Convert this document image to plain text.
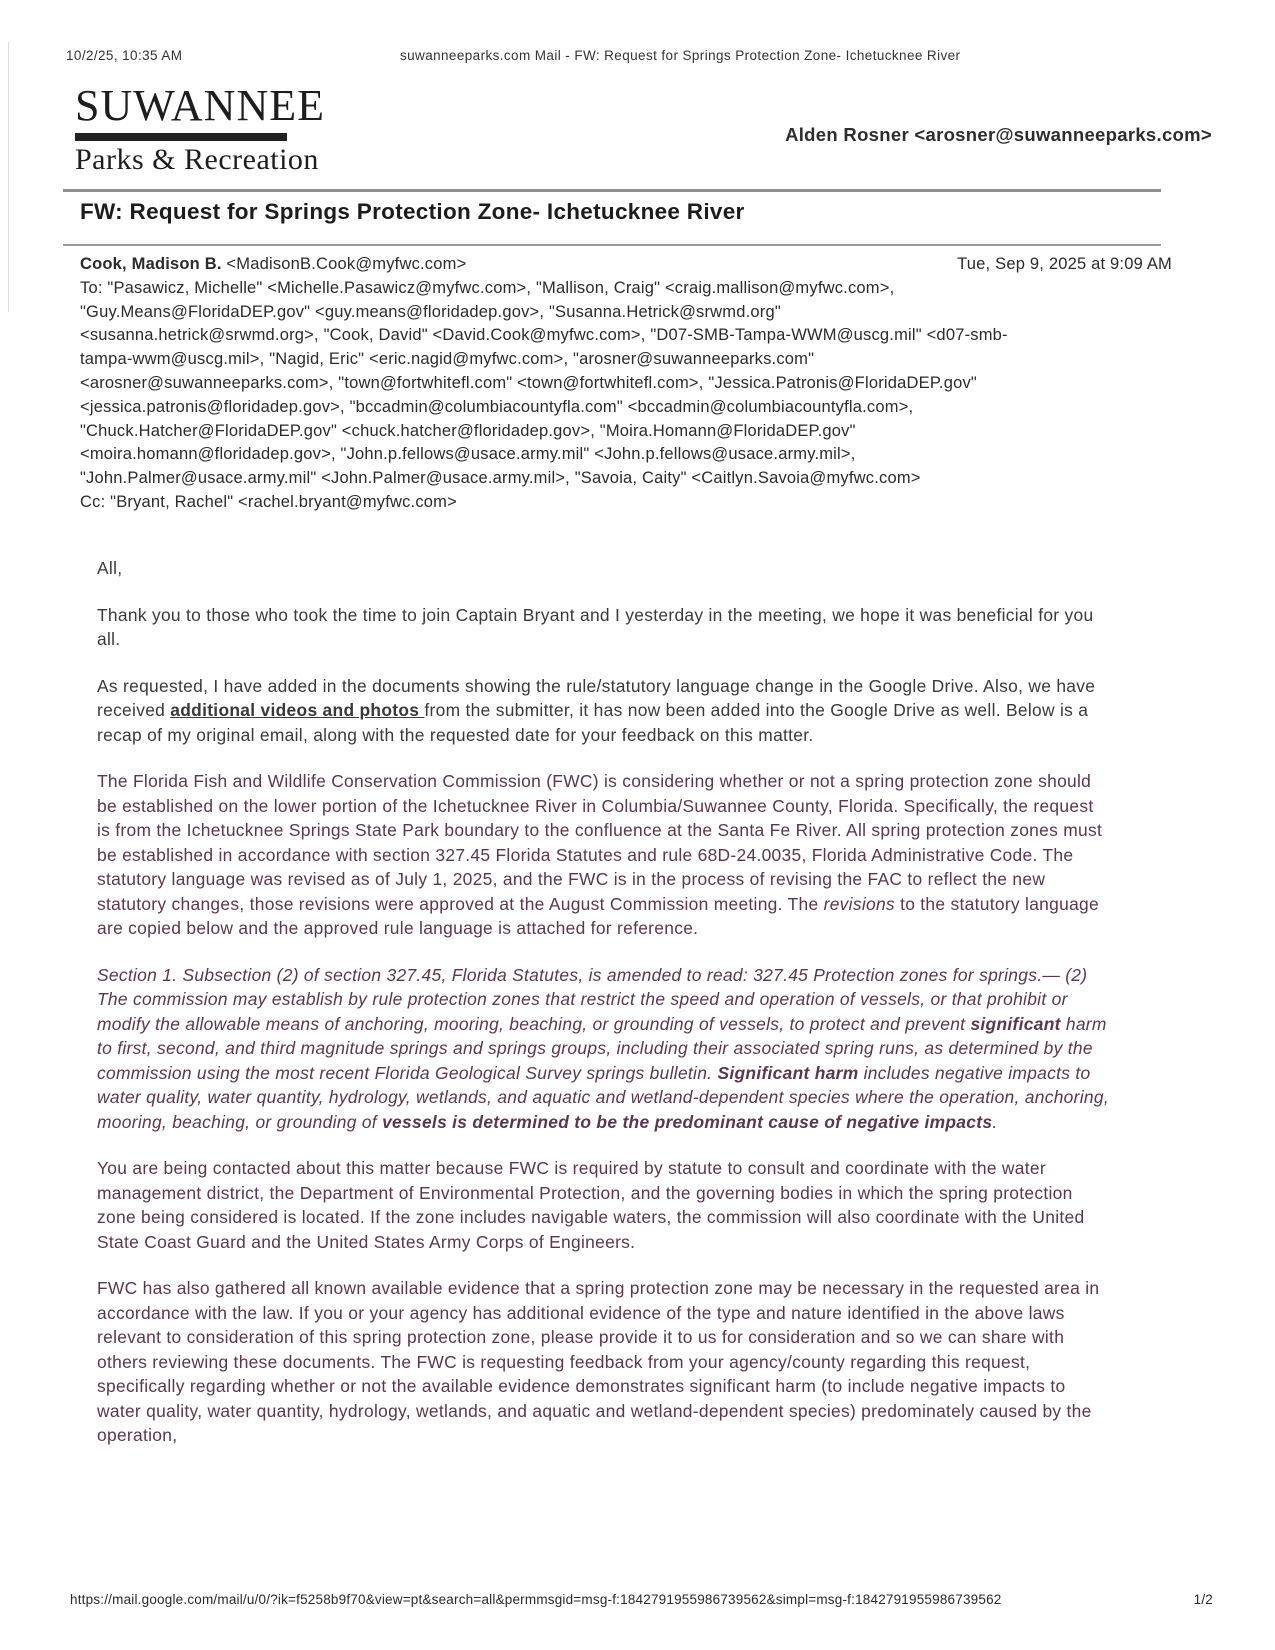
10/2/25, 10:35 AM	suwanneeparks.com Mail - FW: Request for Springs Protection Zone- Ichetucknee River
SUWANNEE
Parks & Recreation
Alden Rosner <arosner@suwanneeparks.com>
FW: Request for Springs Protection Zone- Ichetucknee River
Cook, Madison B. <MadisonB.Cook@myfwc.com>	Tue, Sep 9, 2025 at 9:09 AM
To: "Pasawicz, Michelle" <Michelle.Pasawicz@myfwc.com>, "Mallison, Craig" <craig.mallison@myfwc.com>,
"Guy.Means@FloridaDEP.gov" <guy.means@floridadep.gov>, "Susanna.Hetrick@srwmd.org"
<susanna.hetrick@srwmd.org>, "Cook, David" <David.Cook@myfwc.com>, "D07-SMB-Tampa-WWM@uscg.mil" <d07-smb-
tampa-wwm@uscg.mil>, "Nagid, Eric" <eric.nagid@myfwc.com>, "arosner@suwanneeparks.com"
<arosner@suwanneeparks.com>, "town@fortwhitefl.com" <town@fortwhitefl.com>, "Jessica.Patronis@FloridaDEP.gov"
<jessica.patronis@floridadep.gov>, "bccadmin@columbiacountyfla.com" <bccadmin@columbiacountyfla.com>,
"Chuck.Hatcher@FloridaDEP.gov" <chuck.hatcher@floridadep.gov>, "Moira.Homann@FloridaDEP.gov"
<moira.homann@floridadep.gov>, "John.p.fellows@usace.army.mil" <John.p.fellows@usace.army.mil>,
"John.Palmer@usace.army.mil" <John.Palmer@usace.army.mil>, "Savoia, Caity" <Caitlyn.Savoia@myfwc.com>
Cc: "Bryant, Rachel" <rachel.bryant@myfwc.com>

All,

Thank you to those who took the time to join Captain Bryant and I yesterday in the meeting, we hope it was beneficial for you all.

As requested, I have added in the documents showing the rule/statutory language change in the Google Drive. Also, we have received additional videos and photos from the submitter, it has now been added into the Google Drive as well. Below is a recap of my original email, along with the requested date for your feedback on this matter.

The Florida Fish and Wildlife Conservation Commission (FWC) is considering whether or not a spring protection zone should be established on the lower portion of the Ichetucknee River in Columbia/Suwannee County, Florida. Specifically, the request is from the Ichetucknee Springs State Park boundary to the confluence at the Santa Fe River. All spring protection zones must be established in accordance with section 327.45 Florida Statutes and rule 68D-24.0035, Florida Administrative Code. The statutory language was revised as of July 1, 2025, and the FWC is in the process of revising the FAC to reflect the new statutory changes, those revisions were approved at the August Commission meeting. The revisions to the statutory language are copied below and the approved rule language is attached for reference.

Section 1. Subsection (2) of section 327.45, Florida Statutes, is amended to read: 327.45 Protection zones for springs.— (2) The commission may establish by rule protection zones that restrict the speed and operation of vessels, or that prohibit or modify the allowable means of anchoring, mooring, beaching, or grounding of vessels, to protect and prevent significant harm to first, second, and third magnitude springs and springs groups, including their associated spring runs, as determined by the commission using the most recent Florida Geological Survey springs bulletin. Significant harm includes negative impacts to water quality, water quantity, hydrology, wetlands, and aquatic and wetland-dependent species where the operation, anchoring, mooring, beaching, or grounding of vessels is determined to be the predominant cause of negative impacts.

You are being contacted about this matter because FWC is required by statute to consult and coordinate with the water management district, the Department of Environmental Protection, and the governing bodies in which the spring protection zone being considered is located. If the zone includes navigable waters, the commission will also coordinate with the United State Coast Guard and the United States Army Corps of Engineers.

FWC has also gathered all known available evidence that a spring protection zone may be necessary in the requested area in accordance with the law. If you or your agency has additional evidence of the type and nature identified in the above laws relevant to consideration of this spring protection zone, please provide it to us for consideration and so we can share with others reviewing these documents. The FWC is requesting feedback from your agency/county regarding this request, specifically regarding whether or not the available evidence demonstrates significant harm (to include negative impacts to water quality, water quantity, hydrology, wetlands, and aquatic and wetland-dependent species) predominately caused by the operation,

https://mail.google.com/mail/u/0/?ik=f5258b9f70&view=pt&search=all&permmsgid=msg-f:1842791955986739562&simpl=msg-f:1842791955986739562	1/2
